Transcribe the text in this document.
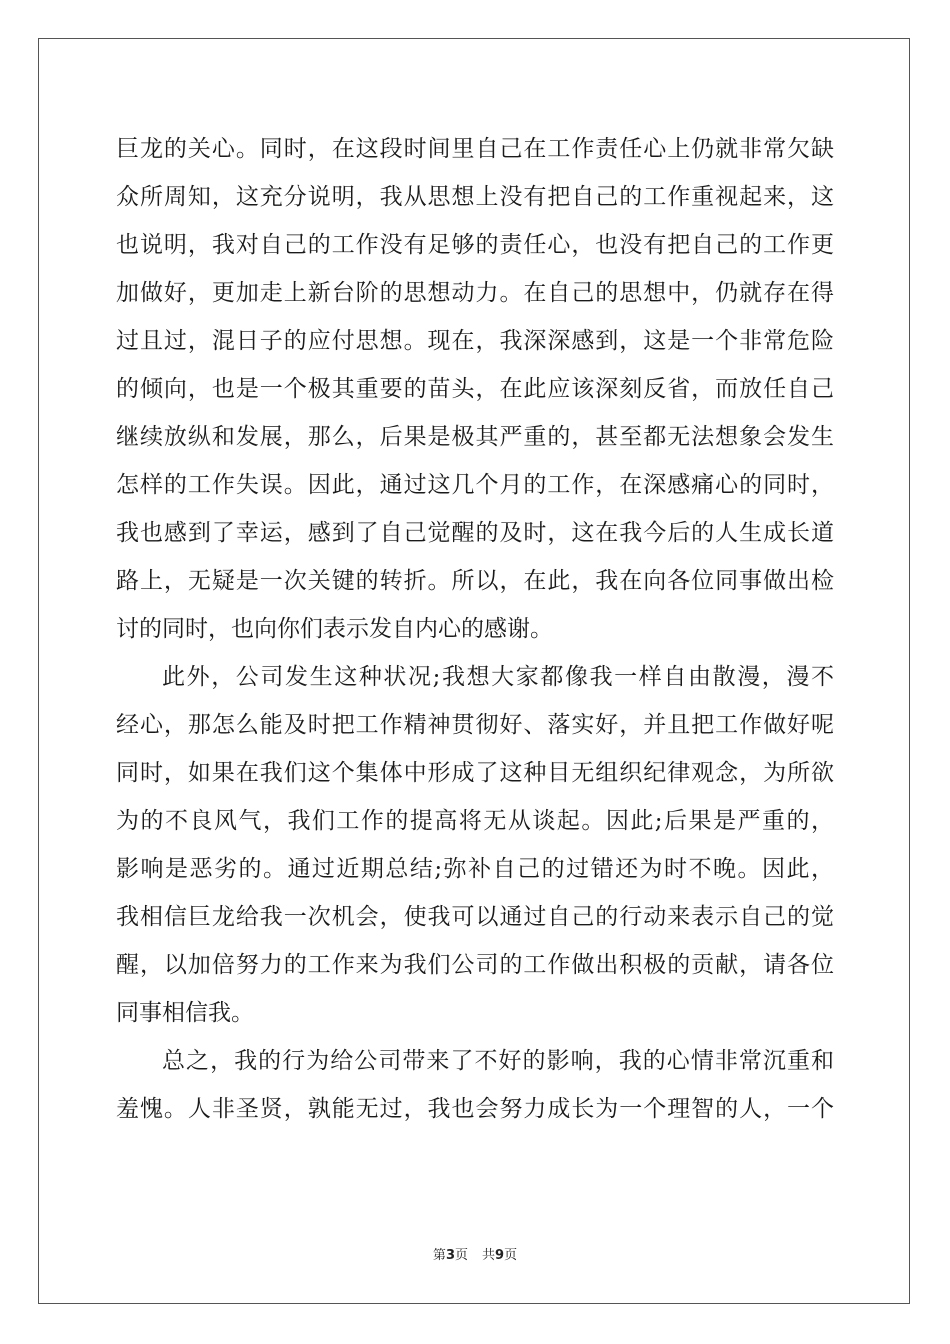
巨龙的关心。同时，在这段时间里自己在工作责任心上仍就非常欠缺
众所周知，这充分说明，我从思想上没有把自己的工作重视起来，这
也说明，我对自己的工作没有足够的责任心，也没有把自己的工作更
加做好，更加走上新台阶的思想动力。在自己的思想中，仍就存在得
过且过，混日子的应付思想。现在，我深深感到，这是一个非常危险
的倾向，也是一个极其重要的苗头，在此应该深刻反省，而放任自己
继续放纵和发展，那么，后果是极其严重的，甚至都无法想象会发生
怎样的工作失误。因此，通过这几个月的工作，在深感痛心的同时，
我也感到了幸运，感到了自己觉醒的及时，这在我今后的人生成长道
路上，无疑是一次关键的转折。所以，在此，我在向各位同事做出检
讨的同时，也向你们表示发自内心的感谢。
此外，公司发生这种状况;我想大家都像我一样自由散漫，漫不
经心，那怎么能及时把工作精神贯彻好、落实好，并且把工作做好呢
同时，如果在我们这个集体中形成了这种目无组织纪律观念，为所欲
为的不良风气，我们工作的提高将无从谈起。因此;后果是严重的，
影响是恶劣的。通过近期总结;弥补自己的过错还为时不晚。因此，
我相信巨龙给我一次机会，使我可以通过自己的行动来表示自己的觉
醒，以加倍努力的工作来为我们公司的工作做出积极的贡献，请各位
同事相信我。
总之，我的行为给公司带来了不好的影响，我的心情非常沉重和
羞愧。人非圣贤，孰能无过，我也会努力成长为一个理智的人，一个
第3页 共9页
